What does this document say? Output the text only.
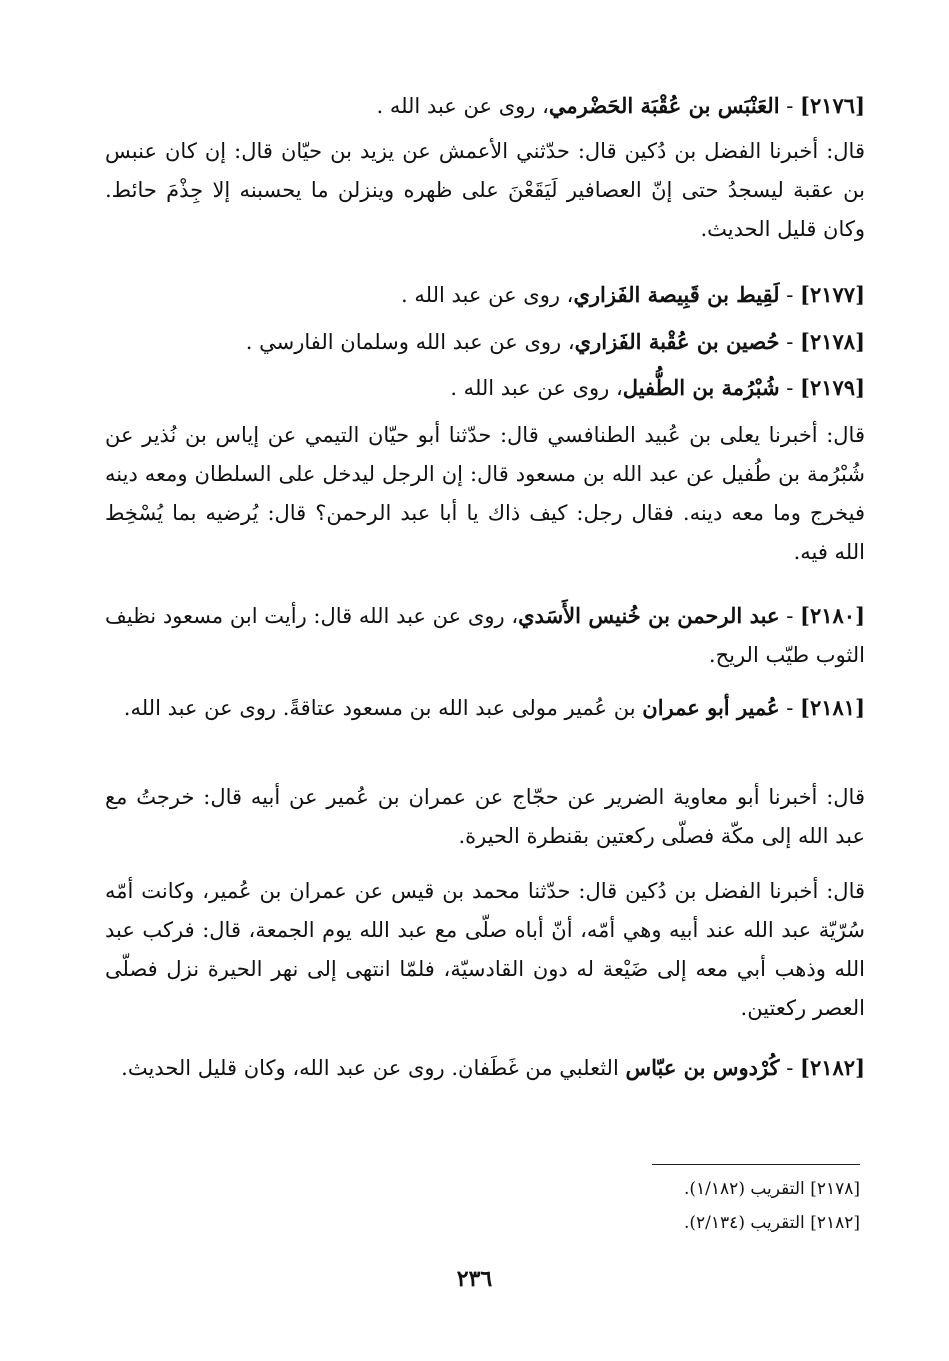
[٢١٧٦] - العَنْبَس بن عُقْبَة الحَضْرمي، روى عن عبد الله .

قال: أخبرنا الفضل بن دُكين قال: حدّثني الأعمش عن يزيد بن حيّان قال: إن كان عنبس بن عقبة ليسجدُ حتى إنّ العصافير لَيَقَعْنَ على ظهره وينزلن ما يحسبنه إلا جِذْمَ حائط. وكان قليل الحديث.

[٢١٧٧] - لَقِيط بن قَبِيصة الفَزاري، روى عن عبد الله .

[٢١٧٨] - حُصين بن عُقْبة الفَزاري، روى عن عبد الله وسلمان الفارسي .

[٢١٧٩] - شُبْرُمة بن الطُّفيل، روى عن عبد الله .

قال: أخبرنا يعلى بن عُبيد الطنافسي قال: حدّثنا أبو حيّان التيمي عن إياس بن نُذير عن شُبْرُمة بن طُفيل عن عبد الله بن مسعود قال: إن الرجل ليدخل على السلطان ومعه دينه فيخرج وما معه دينه. فقال رجل: كيف ذاك يا أبا عبد الرحمن؟ قال: يُرضيه بما يُسْخِط الله فيه.

[٢١٨٠] - عبد الرحمن بن خُنيس الأَسَدي، روى عن عبد الله قال: رأيت ابن مسعود نظيف الثوب طيّب الريح.

[٢١٨١] - عُمير أبو عمران بن عُمير مولى عبد الله بن مسعود عتاقةً. روى عن عبد الله.

قال: أخبرنا أبو معاوية الضرير عن حجّاج عن عمران بن عُمير عن أبيه قال: خرجتُ مع عبد الله إلى مكّة فصلّى ركعتين بقنطرة الحيرة.

قال: أخبرنا الفضل بن دُكين قال: حدّثنا محمد بن قيس عن عمران بن عُمير، وكانت أمّه سُرّيّة عبد الله عند أبيه وهي أمّه، أنّ أباه صلّى مع عبد الله يوم الجمعة، قال: فركب عبد الله وذهب أبي معه إلى ضَيْعة له دون القادسيّة، فلمّا انتهى إلى نهر الحيرة نزل فصلّى العصر ركعتين.

[٢١٨٢] - كُرْدوس بن عبّاس الثعلبي من غَطَفان. روى عن عبد الله، وكان قليل الحديث.

[٢١٧٨] التقريب (١/١٨٢).

[٢١٨٢] التقريب (٢/١٣٤).

٢٣٦
